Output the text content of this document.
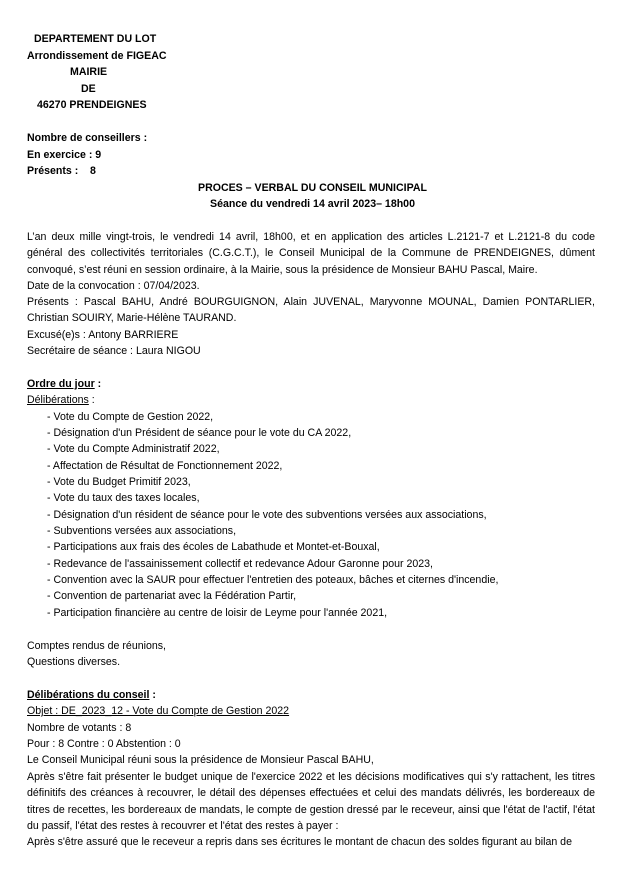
DEPARTEMENT DU LOT
Arrondissement de FIGEAC
MAIRIE
DE
46270 PRENDEIGNES
Nombre de conseillers :
En exercice : 9
Présents :    8
PROCES – VERBAL DU CONSEIL MUNICIPAL
Séance du vendredi 14 avril 2023– 18h00
L’an deux mille vingt-trois, le vendredi 14 avril, 18h00, et en application des articles L.2121-7 et L.2121-8 du code général des collectivités territoriales (C.G.C.T.), le Conseil Municipal de la Commune de PRENDEIGNES, dûment convoqué, s’est réuni en session ordinaire, à la Mairie, sous la présidence de Monsieur BAHU Pascal, Maire.
Date de la convocation : 07/04/2023.
Présents : Pascal BAHU, André BOURGUIGNON, Alain JUVENAL, Maryvonne MOUNAL, Damien PONTARLIER, Christian SOUIRY, Marie-Hélène TAURAND.
Excusé(e)s : Antony BARRIERE
Secrétaire de séance : Laura NIGOU
Ordre du jour :
Délibérations :
- Vote du Compte de Gestion 2022,
- Désignation d'un Président de séance pour le vote du CA 2022,
- Vote du Compte Administratif 2022,
- Affectation de Résultat de Fonctionnement 2022,
- Vote du Budget Primitif 2023,
- Vote du taux des taxes locales,
- Désignation d'un résident de séance pour le vote des subventions versées aux associations,
- Subventions versées aux associations,
- Participations aux frais des écoles de Labathude et Montet-et-Bouxal,
- Redevance de l'assainissement collectif et redevance Adour Garonne pour 2023,
- Convention avec la SAUR pour effectuer l'entretien des poteaux, bâches et citernes d'incendie,
- Convention de partenariat avec la Fédération Partir,
- Participation financière au centre de loisir de Leyme pour l'année 2021,
Comptes rendus de réunions,
Questions diverses.
Délibérations du conseil :
Objet : DE_2023_12 - Vote du Compte de Gestion 2022
Nombre de votants : 8
Pour : 8 Contre : 0 Abstention : 0
Le Conseil Municipal réuni sous la présidence de Monsieur Pascal BAHU,
Après s'être fait présenter le budget unique de l'exercice 2022 et les décisions modificatives qui s'y rattachent, les titres définitifs des créances à recouvrer, le détail des dépenses effectuées et celui des mandats délivrés, les bordereaux de titres de recettes, les bordereaux de mandats, le compte de gestion dressé par le receveur, ainsi que l'état de l'actif, l'état du passif, l'état des restes à recouvrer et l'état des restes à payer :
Après s'être assuré que le receveur a repris dans ses écritures le montant de chacun des soldes figurant au bilan de
